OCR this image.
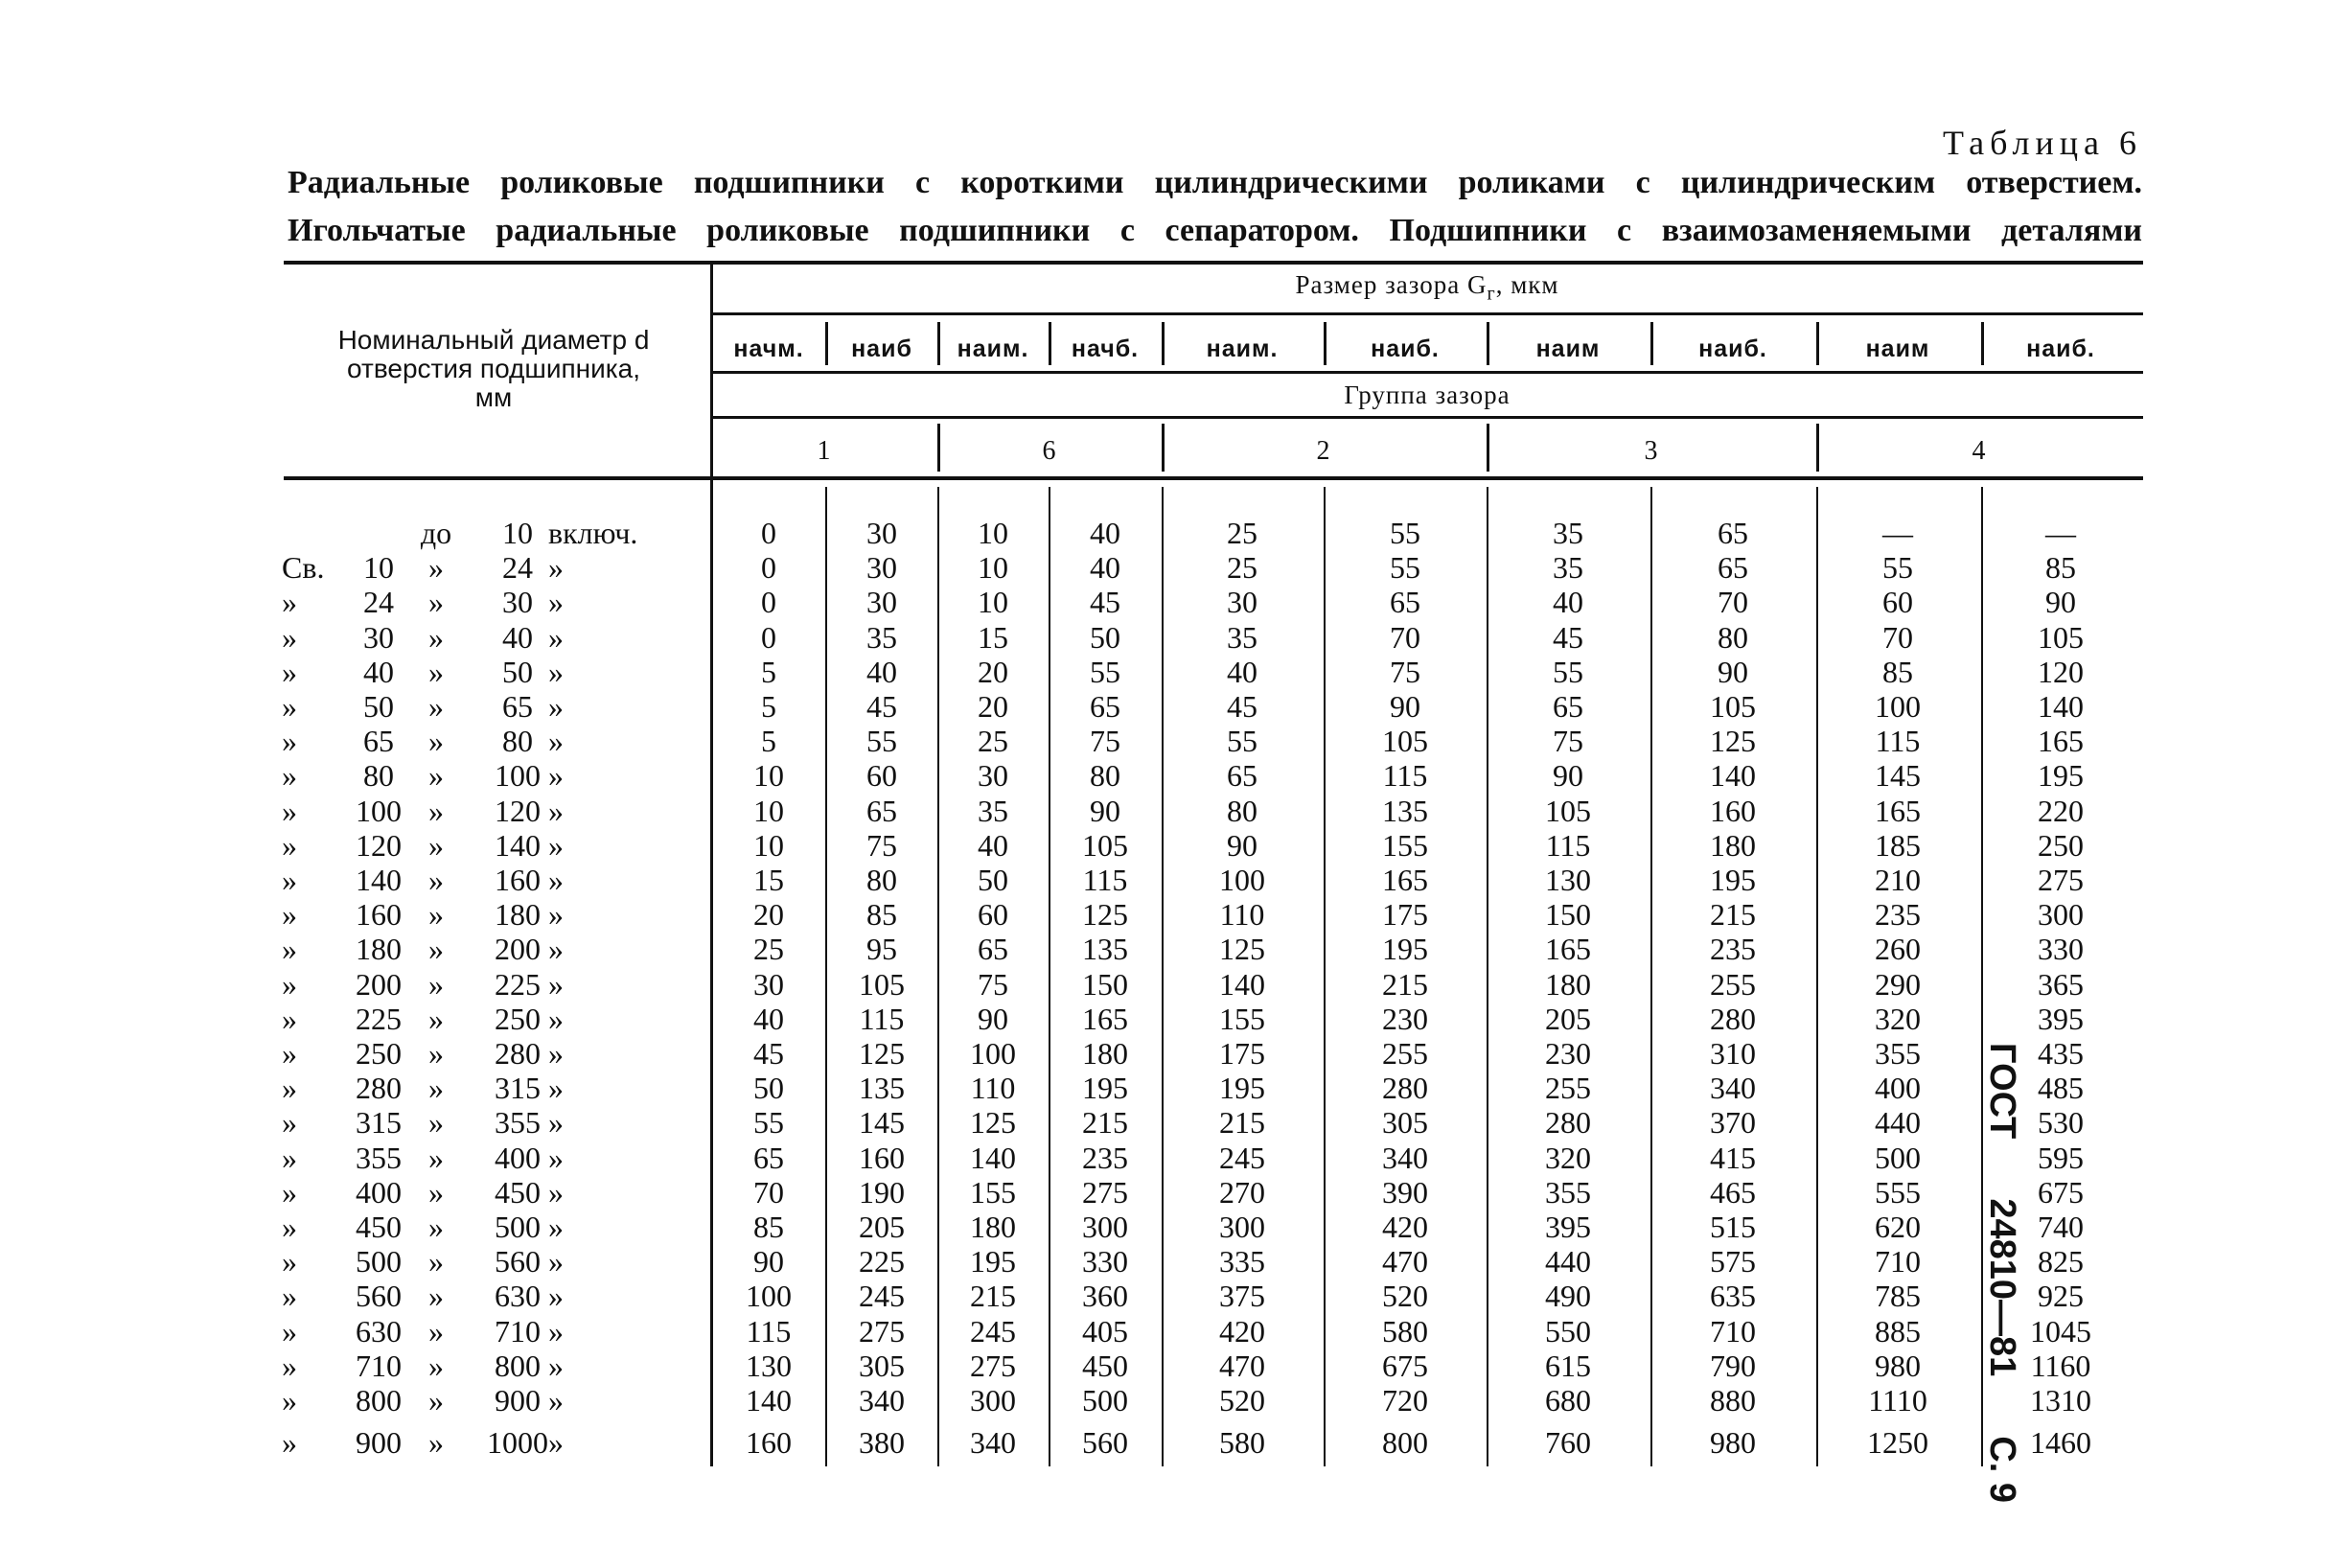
Таблица 6
Радиальные роликовые подшипники с короткими цилиндрическими роликами с цилиндрическим отверстием.
Игольчатые радиальные роликовые подшипники с сепаратором. Подшипники с взаимозаменяемыми деталями
Номинальный диаметр d
отверстия подшипника,
мм
Размер зазора $G_г$, мкм
Группа зазора
начм.	наиб	наим.	начб.	наим.	наиб.	наим	наиб.	наим	наиб.
1	6	2	3	4
до	10 включ.	0	30	10	40	25	55	35	65	—	—
Св.	10	»	24 »	0	30	10	40	25	55	35	65	55	85
»	24	»	30 »	0	30	10	45	30	65	40	70	60	90
»	30	»	40 »	0	35	15	50	35	70	45	80	70	105
»	40	»	50 »	5	40	20	55	40	75	55	90	85	120
»	50	»	65 »	5	45	20	65	45	90	65	105	100	140
»	65	»	80 »	5	55	25	75	55	105	75	125	115	165
»	80	»	100 »	10	60	30	80	65	115	90	140	145	195
»	100 »	120 »	10	65	35	90	80	135	105	160	165	220
»	120 »	140 »	10	75	40	105	90	155	115	180	185	250
»	140 »	160 »	15	80	50	115	100	165	130	195	210	275
»	160 »	180 »	20	85	60	125	110	175	150	215	235	300
»	180 »	200 »	25	95	65	135	125	195	165	235	260	330
»	200 »	225 »	30	105	75	150	140	215	180	255	290	365
»	225 »	250 »	40	115	90	165	155	230	205	280	320	395
»	250 »	280 »	45	125	100	180	175	255	230	310	355	435
»	280 »	315 »	50	135	110	195	195	280	255	340	400	485
»	315 »	355 »	55	145	125	215	215	305	280	370	440	530
»	355 »	400 »	65	160	140	235	245	340	320	415	500	595
»	400 »	450 »	70	190	155	275	270	390	355	465	555	675
»	450 »	500 »	85	205	180	300	300	420	395	515	620	740
»	500 »	560 »	90	225	195	330	335	470	440	575	710	825
»	560 »	630 »	100	245	215	360	375	520	490	635	785	925
»	630 »	710 »	115	275	245	405	420	580	550	710	885	1045
»	710 »	800 »	130	305	275	450	470	675	615	790	980	1160
»	800 »	900 »	140	340	300	500	520	720	680	880	1110	1310
»	900 »	1000 »	160	380	340	560	580	800	760	980	1250	1460
ГОСТ
24810—81
С. 9
